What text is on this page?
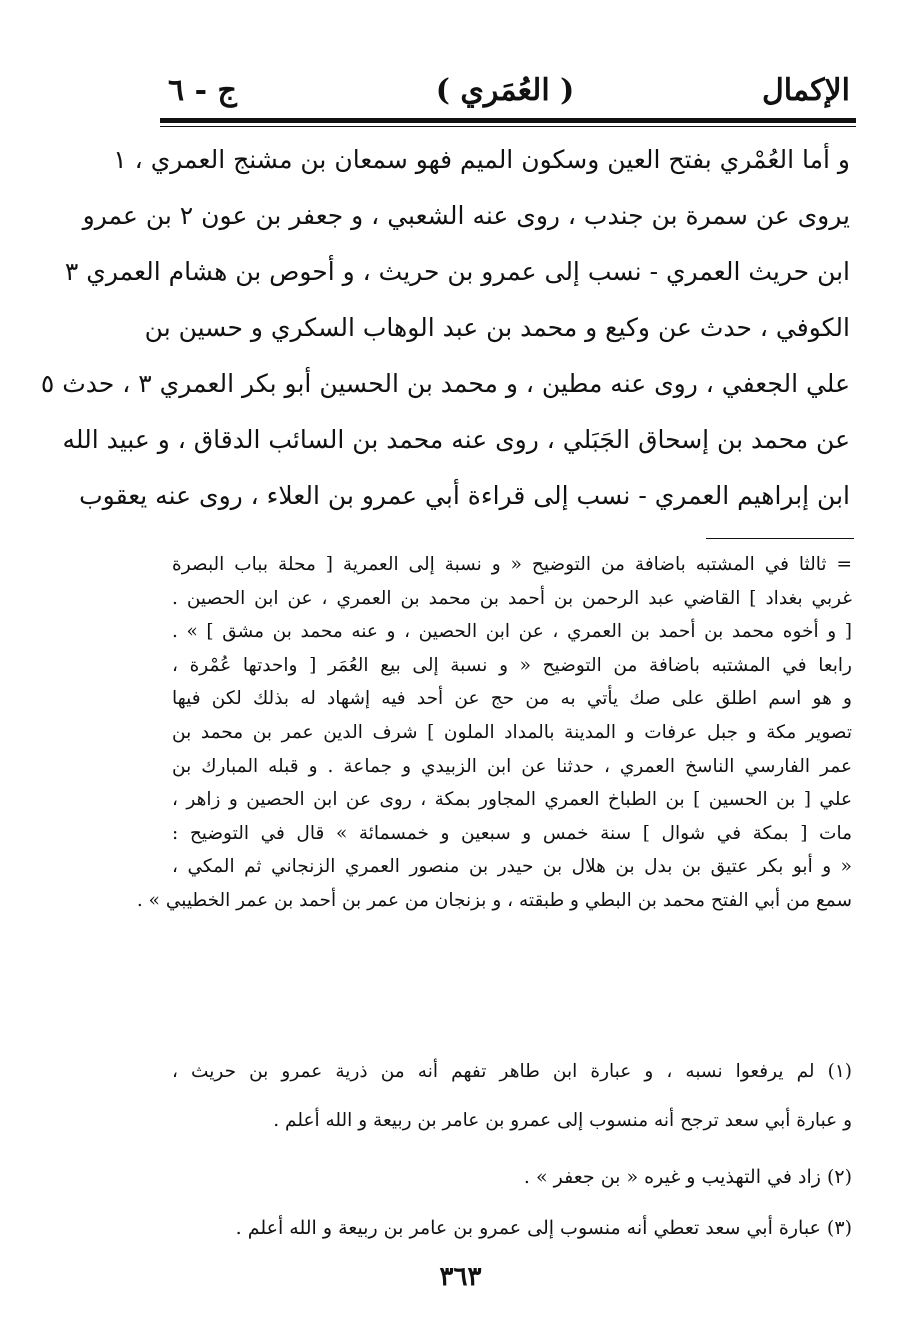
الإكمال
( العُمَري )
ج - ٦

و أما العُمْري بفتح العين وسكون الميم فهو سمعان بن مشنج العمري ، ١

يروى عن سمرة بن جندب ، روى عنه الشعبي ، و جعفر بن عون ٢ بن عمرو

ابن حريث العمري - نسب إلى عمرو بن حريث ، و أحوص بن هشام العمري ٣

الكوفي ، حدث عن وكيع و محمد بن عبد الوهاب السكري و حسين بن

علي الجعفي ، روى عنه مطين ، و محمد بن الحسين أبو بكر العمري ٣ ، حدث ٥

عن محمد بن إسحاق الجَبَلي ، روى عنه محمد بن السائب الدقاق ، و عبيد الله

ابن إبراهيم العمري - نسب إلى قراءة أبي عمرو بن العلاء ، روى عنه يعقوب

= ثالثا في المشتبه باضافة من التوضيح « و نسبة إلى العمرية [ محلة بباب البصرة

غربي بغداد ] القاضي عبد الرحمن بن أحمد بن محمد بن العمري ، عن ابن الحصين .

[ و أخوه محمد بن أحمد بن العمري ، عن ابن الحصين ، و عنه محمد بن مشق ] » .

رابعا في المشتبه باضافة من التوضيح « و نسبة إلى بيع العُمَر [ واحدتها عُمْرة ،

و هو اسم اطلق على صك يأتي به من حج عن أحد فيه إشهاد له بذلك لكن فيها

تصوير مكة و جبل عرفات و المدينة بالمداد الملون ] شرف الدين عمر بن محمد بن

عمر الفارسي الناسخ العمري ، حدثنا عن ابن الزبيدي و جماعة . و قبله المبارك بن

علي [ بن الحسين ] بن الطباخ العمري المجاور بمكة ، روى عن ابن الحصين و زاهر ،

مات [ بمكة في شوال ] سنة خمس و سبعين و خمسمائة » قال في التوضيح :

« و أبو بكر عتيق بن بدل بن هلال بن حيدر بن منصور العمري الزنجاني ثم المكي ،

سمع من أبي الفتح محمد بن البطي و طبقته ، و بزنجان من عمر بن أحمد بن عمر الخطيبي » .

(١) لم يرفعوا نسبه ، و عبارة ابن طاهر تفهم أنه من ذرية عمرو بن حريث ،
و عبارة أبي سعد ترجح أنه منسوب إلى عمرو بن عامر بن ربيعة و الله أعلم .
(٢) زاد في التهذيب و غيره « بن جعفر » .
(٣) عبارة أبي سعد تعطي أنه منسوب إلى عمرو بن عامر بن ربيعة و الله أعلم .
٣٦٣
